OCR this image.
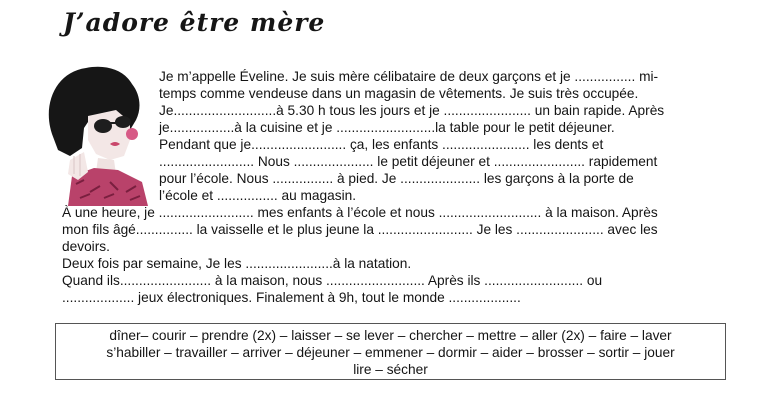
J’adore être mère
Je m’appelle Éveline. Je suis mère célibataire de deux garçons et je ................ mi-
temps comme vendeuse dans un magasin de vêtements. Je suis très occupée.
Je...........................à 5.30 h tous les jours et je ....................... un bain rapide. Après
je.................à la cuisine et je ..........................la table pour le petit déjeuner.
Pendant que je......................... ça, les enfants ....................... les dents et
......................... Nous ..................... le petit déjeuner et ........................ rapidement
pour l’école. Nous ................ à pied. Je ..................... les garçons à la porte de
l’école et ................ au magasin.
À une heure, je ......................... mes enfants à l’école et nous ........................... à la maison. Après
mon fils âgé............... la vaisselle et le plus jeune la ......................... Je les ....................... avec les
devoirs.
Deux fois par semaine, Je les .......................à la natation.
Quand ils........................ à la maison, nous .......................... Après ils .......................... ou
................... jeux électroniques. Finalement à 9h, tout le monde ...................
dîner– courir – prendre (2x) – laisser – se lever – chercher – mettre – aller (2x) – faire – laver
s’habiller – travailler – arriver – déjeuner – emmener – dormir – aider – brosser – sortir – jouer
lire – sécher
